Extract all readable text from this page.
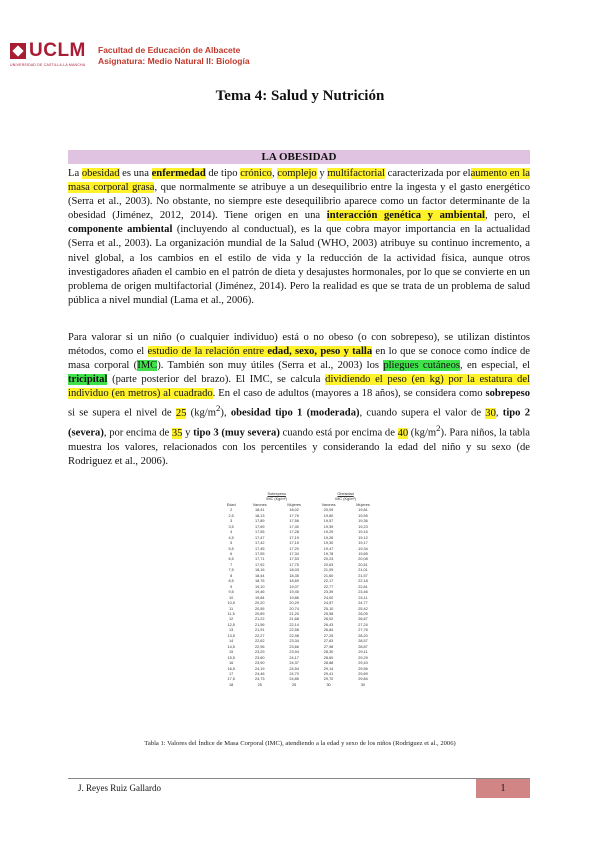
UCLM
UNIVERSIDAD DE CASTILLA-LA MANCHA
Facultad de Educación de Albacete
Asignatura: Medio Natural II: Biología
Tema 4: Salud y Nutrición
LA OBESIDAD
La obesidad es una enfermedad de tipo crónico, complejo y multifactorial caracterizada por elaumento en la masa corporal grasa, que normalmente se atribuye a un desequilibrio entre la ingesta y el gasto energético (Serra et al., 2003). No obstante, no siempre este desequilibrio aparece como un factor determinante de la obesidad (Jiménez, 2012, 2014). Tiene origen en una interacción genética y ambiental, pero, el componente ambiental (incluyendo al conductual), es la que cobra mayor importancia en la actualidad (Serra et al., 2003). La organización mundial de la Salud (WHO, 2003) atribuye su continuo incremento, a nivel global, a los cambios en el estilo de vida y la reducción de la actividad física, aunque otros investigadores añaden el cambio en el patrón de dieta y desajustes hormonales, por lo que se convierte en un problema de origen multifactorial (Jiménez, 2014). Pero la realidad es que se trata de un problema de salud pública a nivel mundial (Lama et al., 2006).
Para valorar si un niño (o cualquier individuo) está o no obeso (o con sobrepeso), se utilizan distintos métodos, como el estudio de la relación entre edad, sexo, peso y talla en lo que se conoce como índice de masa corporal (IMC). También son muy útiles (Serra et al., 2003) los pliegues cutáneos, en especial, el tricipital (parte posterior del brazo). El IMC, se calcula dividiendo el peso (en kg) por la estatura del individuo (en metros) al cuadrado. En el caso de adultos (mayores a 18 años), se considera como sobrepeso si se supera el nivel de 25 $(kg/m^2)$, obesidad tipo 1 (moderada), cuando supera el valor de 30, tipo 2 (severa), por encima de 35 y tipo 3 (muy severa) cuando está por encima de 40 $(kg/m^2)$. Para niños, la tabla muestra los valores, relacionados con los percentiles y considerando la edad del niño y su sexo (de Rodriguez et al., 2006).
	Sobrepeso		Obesidad	
	IMC (Kg/m²)		IMC (Kg/m²)	
Edad	Varones	Mujeres	Varones	Mujeres
2	18,41	18,02	20,09	19,81
2,5	18,13	17,76	19,80	19,55
3	17,89	17,56	19,57	19,36
3,5	17,69	17,40	19,39	19,23
4	17,55	17,28	19,29	19,15
4,5	17,47	17,19	19,26	19,12
5	17,42	17,15	19,30	19,17
5,5	17,45	17,20	19,47	19,34
6	17,55	17,34	19,78	19,65
6,5	17,71	17,53	20,23	20,08
7	17,92	17,75	20,63	20,51
7,5	18,16	18,03	21,09	21,01
8	18,44	18,35	21,60	21,57
8,5	18,76	18,69	22,17	22,18
9	19,10	19,07	22,77	22,81
9,5	19,46	19,45	23,39	23,46
10	19,84	19,86	24,00	24,11
10,5	20,20	20,29	24,57	24,77
11	20,55	20,74	25,10	25,42
11,5	20,89	21,20	25,58	26,05
12	21,22	21,68	26,02	26,67
12,5	21,56	22,14	26,43	27,24
13	21,91	22,58	26,84	27,76
13,5	22,27	22,98	27,25	28,20
14	22,62	23,34	27,63	28,57
14,5	22,96	23,66	27,98	28,87
15	23,29	23,94	28,30	29,11
15,5	23,60	24,17	28,60	29,29
16	23,90	24,37	28,88	29,43
16,5	24,19	24,54	29,14	29,56
17	24,46	24,70	29,41	29,69
17,5	24,73	24,85	29,70	29,84
18	25	25	30	30
Tabla 1: Valores del Índice de Masa Corporal (IMC), atendiendo a la edad y sexo de los niños (Rodriguez et al., 2006)
J. Reyes Ruiz Gallardo	1
